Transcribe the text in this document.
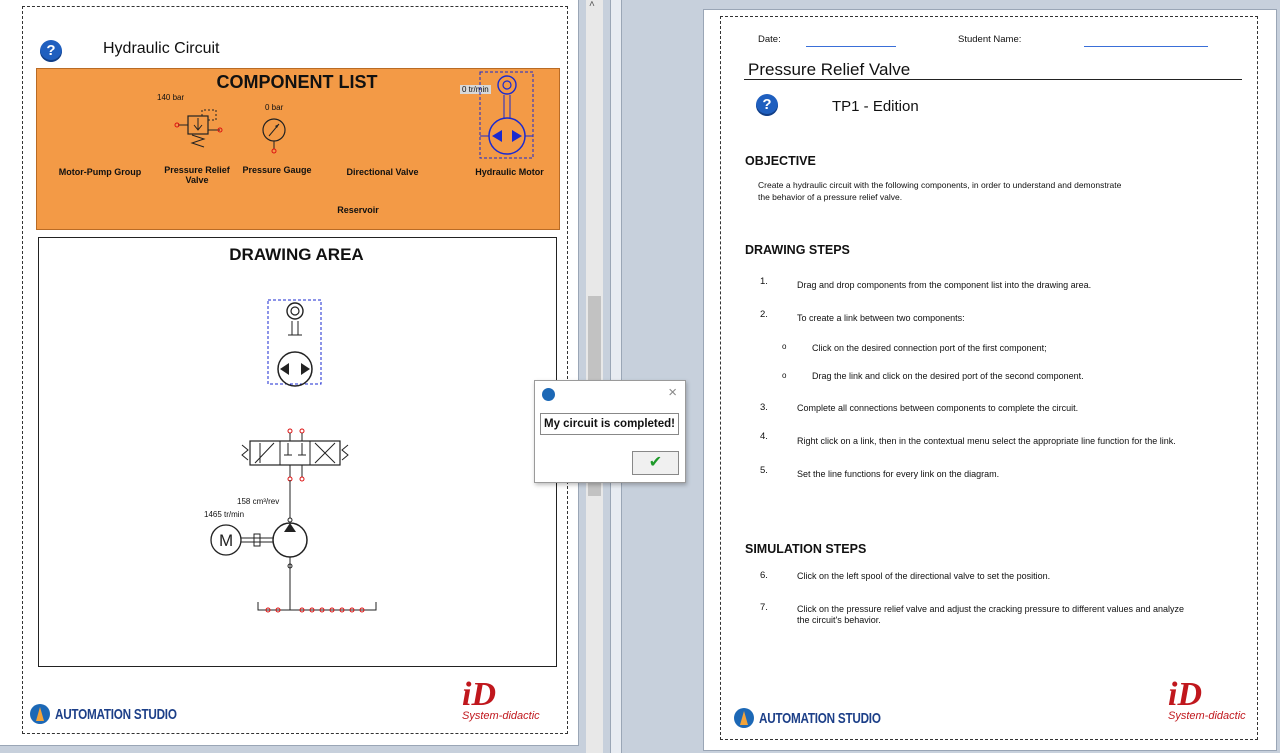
?	Hydraulic Circuit
COMPONENT LIST
140 bar
0 bar
0 tr/min
Motor-Pump Group	Pressure Relief Valve
Pressure Gauge	Directional Valve	Hydraulic Motor
Reservoir
DRAWING AREA
158 cm³/rev
1465 tr/min
M
AUTOMATION STUDIO
iD
System-didactic
˄
×
My circuit is completed!
✔
Date:	Student Name:
Pressure Relief Valve
?	TP1 - Edition
OBJECTIVE
Create a hydraulic circuit with the following components, in order to understand and demonstrate
the behavior of a pressure relief valve.
DRAWING STEPS
1.	Drag and drop components from the component list into the drawing area.
2.	To create a link between two components:
o	Click on the desired connection port of the first component;
o	Drag the link and click on the desired port of the second component.
3.	Complete all connections between components to complete the circuit.
4.	Right click on a link, then in the contextual menu select the appropriate line function for the link.
5.	Set the line functions for every link on the diagram.
SIMULATION STEPS
6.	Click on the left spool of the directional valve to set the position.
7.	Click on the pressure relief valve and adjust the cracking pressure to different values and analyze
the circuit's behavior.
AUTOMATION STUDIO
iD
System-didactic
